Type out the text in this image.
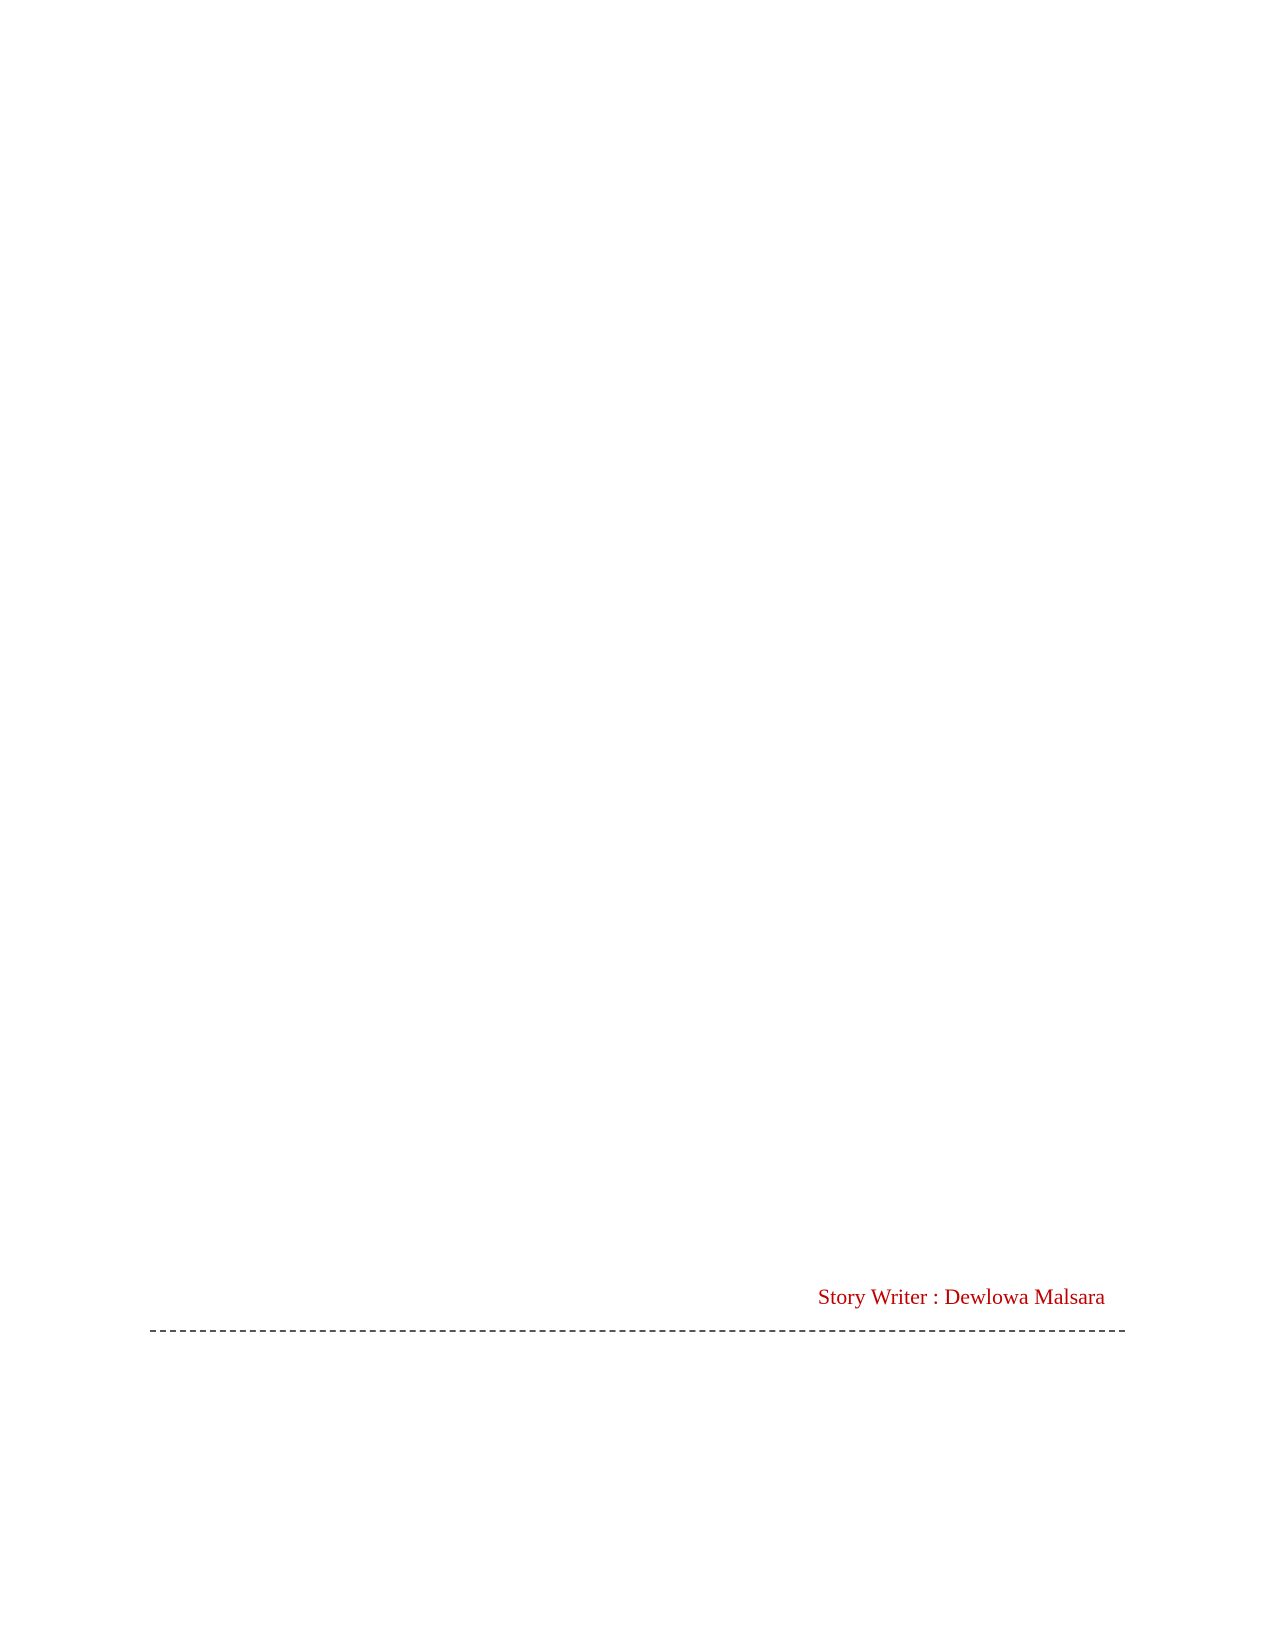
Story Writer : Dewlowa Malsara
